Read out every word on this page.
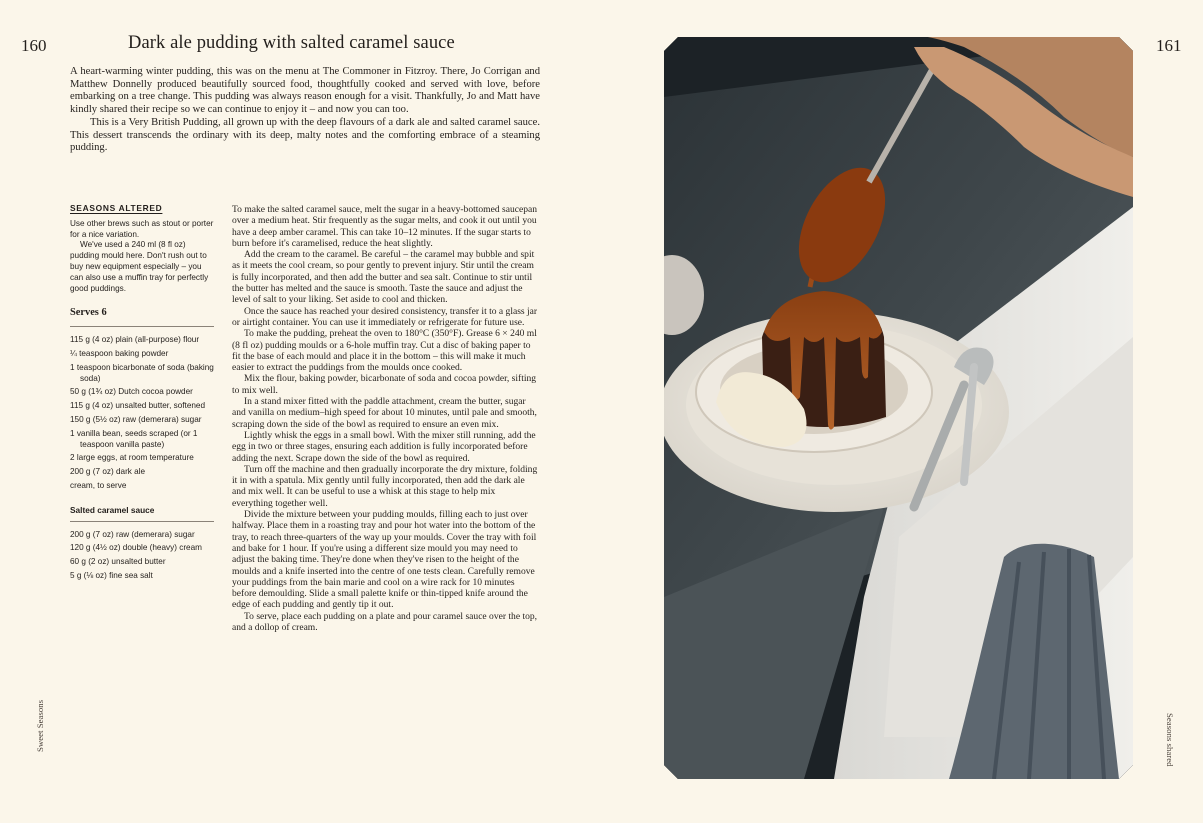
160	161
Dark ale pudding with salted caramel sauce

A heart-warming winter pudding, this was on the menu at The Commoner in Fitzroy. There, Jo Corrigan and Matthew Donnelly produced beautifully sourced food, thoughtfully cooked and served with love, before embarking on a tree change. This pudding was always reason enough for a visit. Thankfully, Jo and Matt have kindly shared their recipe so we can continue to enjoy it – and now you can too.

This is a Very British Pudding, all grown up with the deep flavours of a dark ale and salted caramel sauce. This dessert transcends the ordinary with its deep, malty notes and the comforting embrace of a steaming pudding.

SEASONS ALTERED

Use other brews such as stout or porter for a nice variation.

We've used a 240 ml (8 fl oz) pudding mould here. Don't rush out to buy new equipment especially – you can also use a muffin tray for perfectly good puddings.

Serves 6
115 g (4 oz) plain (all-purpose) flour
¼ teaspoon baking powder
1 teaspoon bicarbonate of soda (baking soda)
50 g (1¾ oz) Dutch cocoa powder
115 g (4 oz) unsalted butter, softened
150 g (5½ oz) raw (demerara) sugar
1 vanilla bean, seeds scraped (or 1 teaspoon vanilla paste)
2 large eggs, at room temperature
200 g (7 oz) dark ale
cream, to serve
Salted caramel sauce
200 g (7 oz) raw (demerara) sugar
120 g (4½ oz) double (heavy) cream
60 g (2 oz) unsalted butter
5 g (⅛ oz) fine sea salt

To make the salted caramel sauce, melt the sugar in a heavy-bottomed saucepan over a medium heat. Stir frequently as the sugar melts, and cook it out until you have a deep amber caramel. This can take 10–12 minutes. If the sugar starts to burn before it's caramelised, reduce the heat slightly.

Add the cream to the caramel. Be careful – the caramel may bubble and spit as it meets the cool cream, so pour gently to prevent injury. Stir until the cream is fully incorporated, and then add the butter and sea salt. Continue to stir until the butter has melted and the sauce is smooth. Taste the sauce and adjust the level of salt to your liking. Set aside to cool and thicken.

Once the sauce has reached your desired consistency, transfer it to a glass jar or airtight container. You can use it immediately or refrigerate for future use.

To make the pudding, preheat the oven to 180°C (350°F). Grease 6 × 240 ml (8 fl oz) pudding moulds or a 6-hole muffin tray. Cut a disc of baking paper to fit the base of each mould and place it in the bottom – this will make it much easier to extract the puddings from the moulds once cooked.

Mix the flour, baking powder, bicarbonate of soda and cocoa powder, sifting to mix well.

In a stand mixer fitted with the paddle attachment, cream the butter, sugar and vanilla on medium–high speed for about 10 minutes, until pale and smooth, scraping down the side of the bowl as required to ensure an even mix.

Lightly whisk the eggs in a small bowl. With the mixer still running, add the egg in two or three stages, ensuring each addition is fully incorporated before adding the next. Scrape down the side of the bowl as required.

Turn off the machine and then gradually incorporate the dry mixture, folding it in with a spatula. Mix gently until fully incorporated, then add the dark ale and mix well. It can be useful to use a whisk at this stage to help mix everything together well.

Divide the mixture between your pudding moulds, filling each to just over halfway. Place them in a roasting tray and pour hot water into the bottom of the tray, to reach three-quarters of the way up your moulds. Cover the tray with foil and bake for 1 hour. If you're using a different size mould you may need to adjust the baking time. They're done when they've risen to the height of the moulds and a knife inserted into the centre of one tests clean. Carefully remove your puddings from the bain marie and cool on a wire rack for 10 minutes before demoulding. Slide a small palette knife or thin-tipped knife around the edge of each pudding and gently tip it out.

To serve, place each pudding on a plate and pour caramel sauce over the top, and a dollop of cream.

Sweet Seasons	Seasons shared
